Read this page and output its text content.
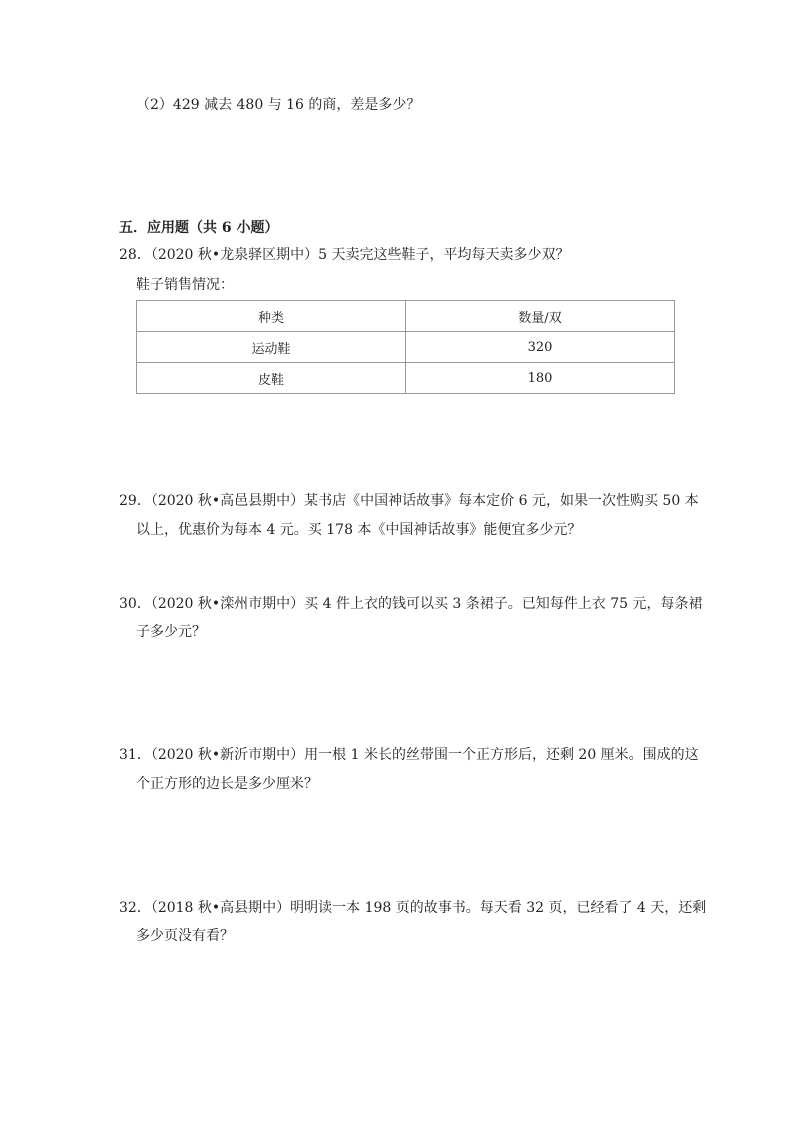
（2）429 减去 480 与 16 的商，差是多少？

五．应用题（共 6 小题）

28．（2020 秋•龙泉驿区期中）5 天卖完这些鞋子，平均每天卖多少双？

鞋子销售情况：

种类	数量/双
运动鞋	320
皮鞋	180

29．（2020 秋•高邑县期中）某书店《中国神话故事》每本定价 6 元，如果一次性购买 50 本

以上，优惠价为每本 4 元。买 178 本《中国神话故事》能便宜多少元？

30．（2020 秋•滦州市期中）买 4 件上衣的钱可以买 3 条裙子。已知每件上衣 75 元，每条裙

子多少元？

31．（2020 秋•新沂市期中）用一根 1 米长的丝带围一个正方形后，还剩 20 厘米。围成的这

个正方形的边长是多少厘米？

32．（2018 秋•高县期中）明明读一本 198 页的故事书。每天看 32 页，已经看了 4 天，还剩

多少页没有看？
